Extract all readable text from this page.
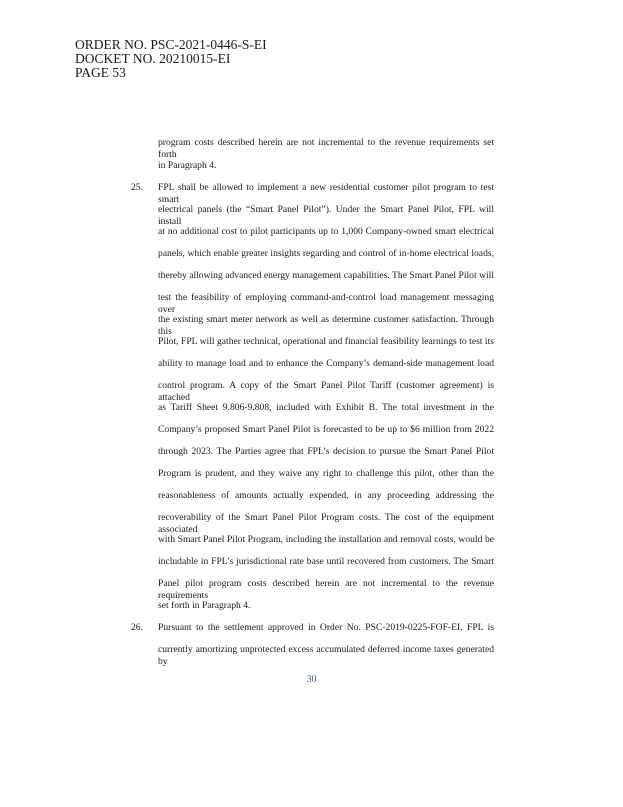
ORDER NO. PSC-2021-0446-S-EI
DOCKET NO. 20210015-EI
PAGE 53
program costs described herein are not incremental to the revenue requirements set forth
in Paragraph 4.
25. FPL shall be allowed to implement a new residential customer pilot program to test smart
electrical panels (the “Smart Panel Pilot”). Under the Smart Panel Pilot, FPL will install
at no additional cost to pilot participants up to 1,000 Company-owned smart electrical
panels, which enable greater insights regarding and control of in-home electrical loads,
thereby allowing advanced energy management capabilities. The Smart Panel Pilot will
test the feasibility of employing command-and-control load management messaging over
the existing smart meter network as well as determine customer satisfaction. Through this
Pilot, FPL will gather technical, operational and financial feasibility learnings to test its
ability to manage load and to enhance the Company’s demand-side management load
control program. A copy of the Smart Panel Pilot Tariff (customer agreement) is attached
as Tariff Sheet 9.806-9.808, included with Exhibit B. The total investment in the
Company’s proposed Smart Panel Pilot is forecasted to be up to $6 million from 2022
through 2023. The Parties agree that FPL’s decision to pursue the Smart Panel Pilot
Program is prudent, and they waive any right to challenge this pilot, other than the
reasonableness of amounts actually expended, in any proceeding addressing the
recoverability of the Smart Panel Pilot Program costs. The cost of the equipment associated
with Smart Panel Pilot Program, including the installation and removal costs, would be
includable in FPL’s jurisdictional rate base until recovered from customers. The Smart
Panel pilot program costs described herein are not incremental to the revenue requirements
set forth in Paragraph 4.
26. Pursuant to the settlement approved in Order No. PSC-2019-0225-FOF-EI, FPL is
currently amortizing unprotected excess accumulated deferred income taxes generated by
30
